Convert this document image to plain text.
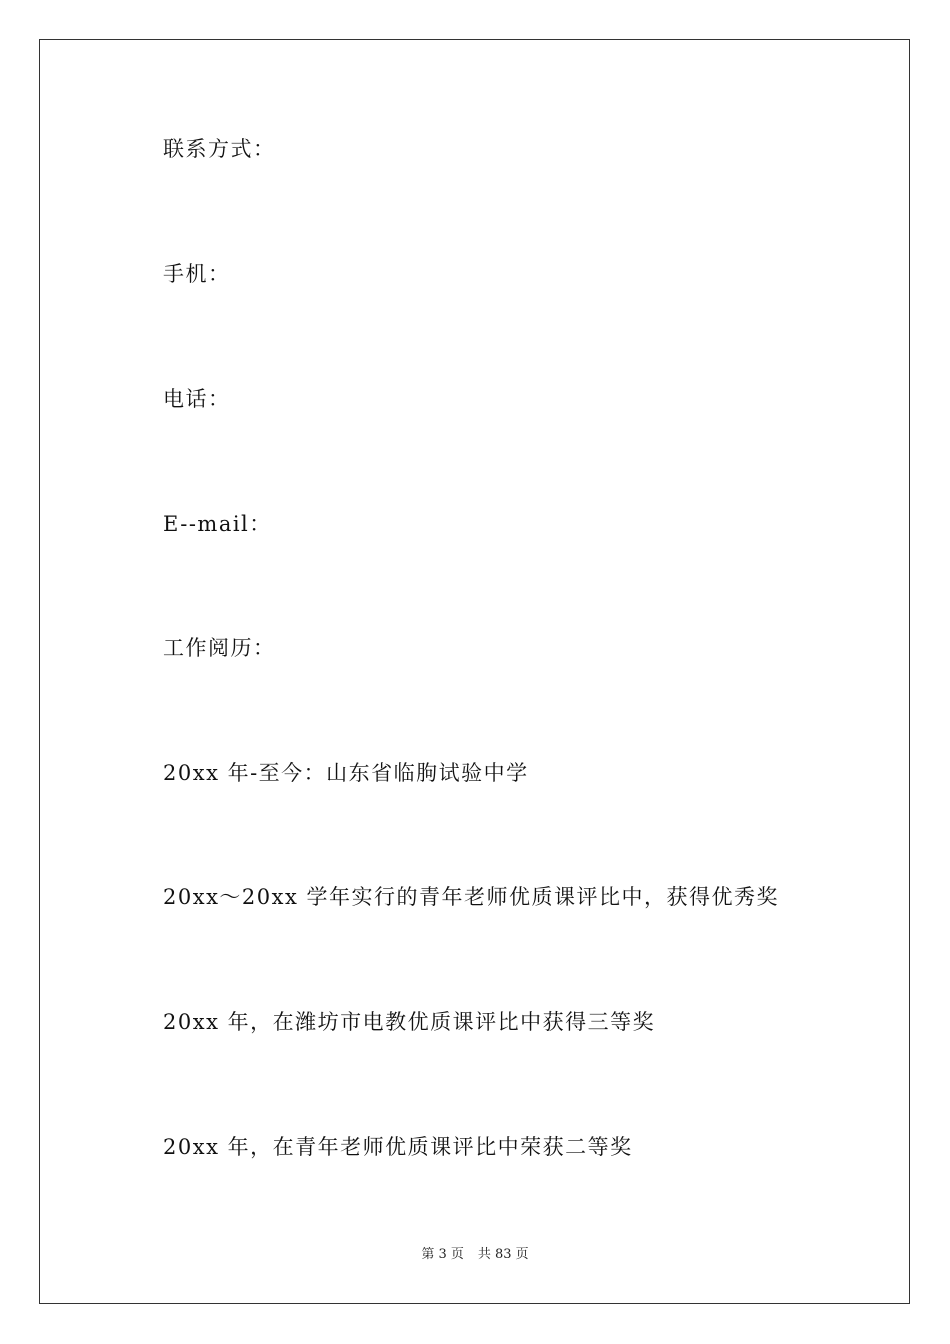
联系方式：
手机：
电话：
E--mail：
工作阅历：
20xx 年-至今：山东省临朐试验中学
20xx～20xx 学年实行的青年老师优质课评比中，获得优秀奖
20xx 年，在潍坊市电教优质课评比中获得三等奖
20xx 年，在青年老师优质课评比中荣获二等奖
第 3 页 共 83 页
